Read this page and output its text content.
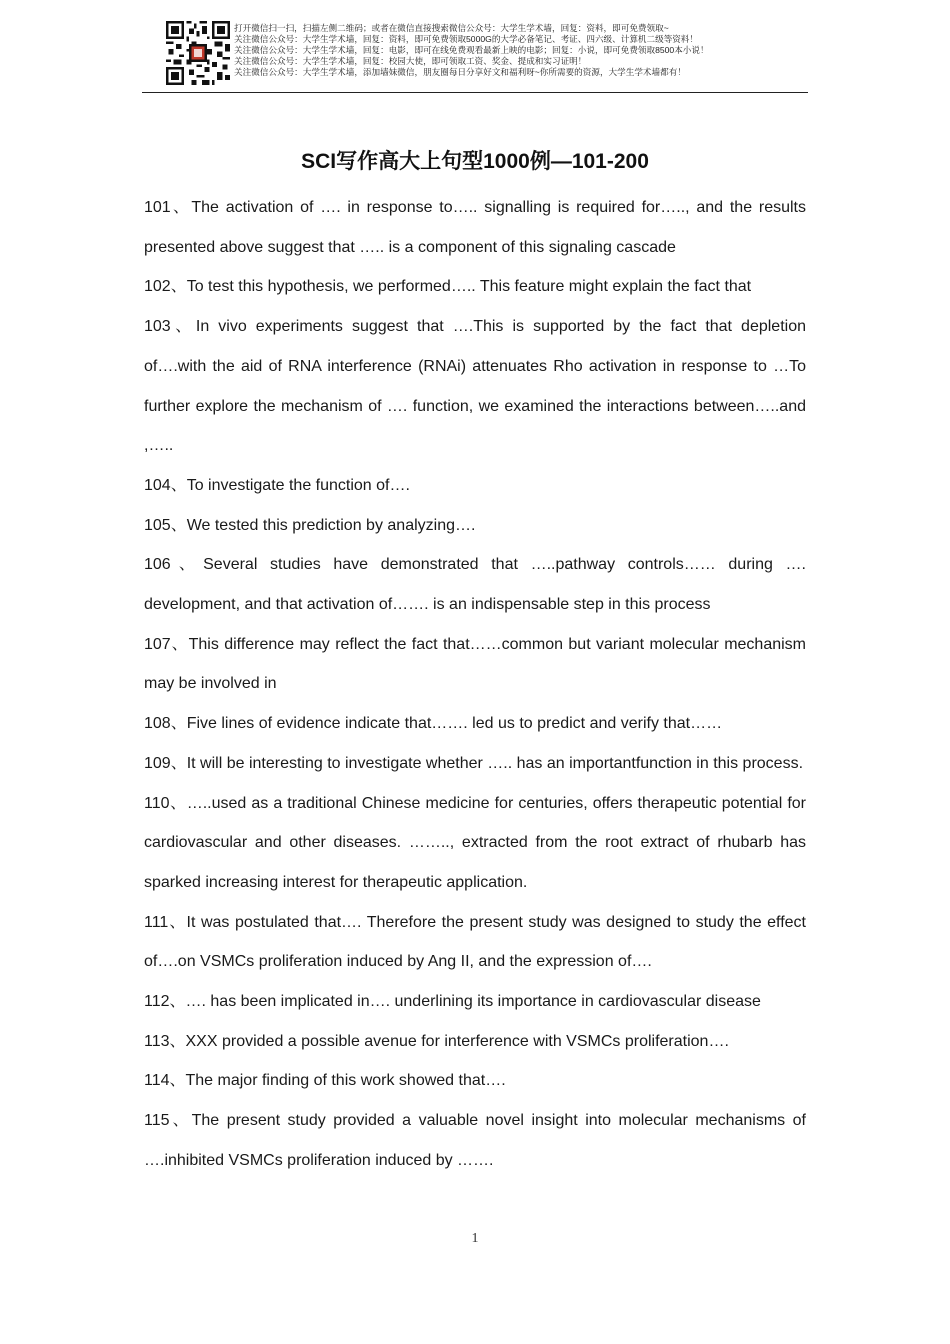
打开微信扫一扫，扫描左侧二维码；或者在微信直接搜索微信公众号：大学生学术墙，回复：资料，即可免费领取~
关注微信公众号：大学生学术墙，回复：资料，即可免费领取5000G的大学必备笔记、考证、四六级、计算机二级等资料！
关注微信公众号：大学生学术墙，回复：电影，即可在线免费观看最新上映的电影；回复：小说，即可免费领取8500本小说！
关注微信公众号：大学生学术墙，回复：校园大使，即可领取工资、奖金、提成和实习证明！
关注微信公众号：大学生学术墙，添加墙妹微信，朋友圈每日分享好文和福利呀~你所需要的资源，大学生学术墙都有！
SCI写作高大上句型1000例—101-200

101、The activation of …. in response to….. signalling is required for….., and the results presented above suggest that ….. is a component of this signaling cascade

102、To test this hypothesis, we performed….. This feature might explain the fact that

103、In vivo experiments suggest that ….This is supported by the fact that depletion of….with the aid of RNA interference (RNAi) attenuates Rho activation in response to …To further explore the mechanism of …. function, we examined the interactions between…..and ,…..

104、To investigate the function of….

105、We tested this prediction by analyzing….

106、Several studies have demonstrated that …..pathway controls…… during …. development, and that activation of……. is an indispensable step in this process

107、This difference may reflect the fact that……common but variant molecular mechanism may be involved in

108、Five lines of evidence indicate that……. led us to predict and verify that……

109、It will be interesting to investigate whether ….. has an importantfunction in this process.

110、…..used as a traditional Chinese medicine for centuries, offers therapeutic potential for cardiovascular and other diseases. …….., extracted from the root extract of rhubarb has sparked increasing interest for therapeutic application.

111、It was postulated that…. Therefore the present study was designed to study the effect of….on VSMCs proliferation induced by Ang II, and the expression of….

112、…. has been implicated in…. underlining its importance in cardiovascular disease

113、XXX provided a possible avenue for interference with VSMCs proliferation….

114、The major finding of this work showed that….

115、The present study provided a valuable novel insight into molecular mechanisms of ….inhibited VSMCs proliferation induced by …….

1
